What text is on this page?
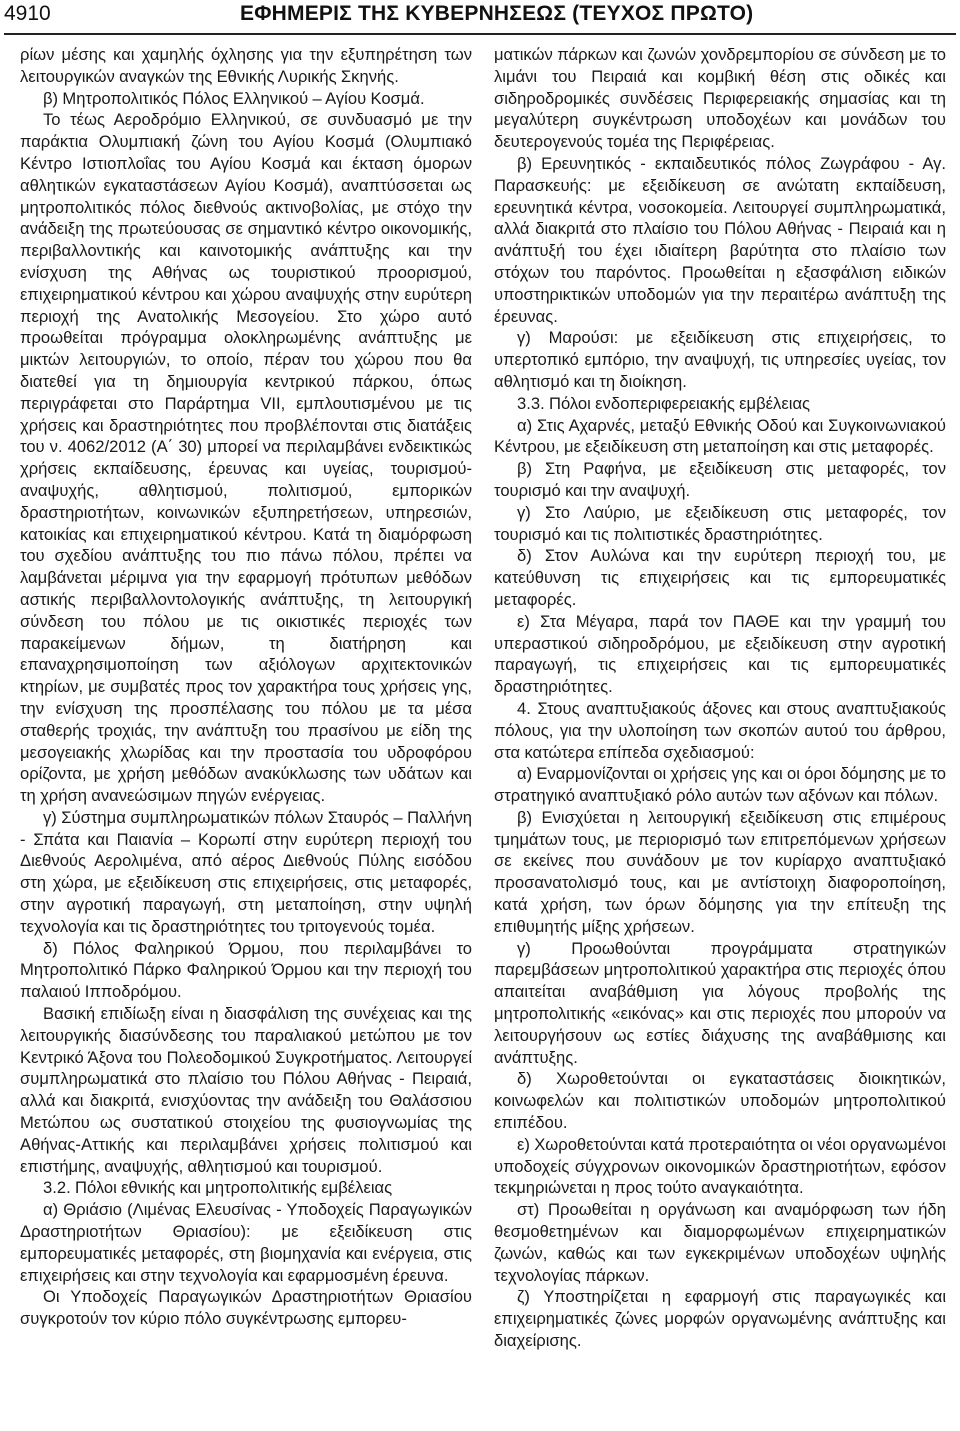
4910	ΕΦΗΜΕΡΙΣ ΤΗΣ ΚΥΒΕΡΝΗΣΕΩΣ (ΤΕΥΧΟΣ ΠΡΩΤΟ)

ρίων μέσης και χαμηλής όχλησης για την εξυπηρέτηση των λειτουργικών αναγκών της Εθνικής Λυρικής Σκηνής.

β) Μητροπολιτικός Πόλος Ελληνικού – Αγίου Κοσμά.

Το τέως Αεροδρόμιο Ελληνικού, σε συνδυασμό με την παράκτια Ολυμπιακή ζώνη του Αγίου Κοσμά (Ολυμπιακό Κέντρο Ιστιοπλοΐας του Αγίου Κοσμά και έκταση όμορων αθλητικών εγκαταστάσεων Αγίου Κοσμά), αναπτύσσεται ως μητροπολιτικός πόλος διεθνούς ακτινοβολίας, με στόχο την ανάδειξη της πρωτεύουσας σε σημαντικό κέντρο οικονομικής, περιβαλλοντικής και καινοτομικής ανάπτυξης και την ενίσχυση της Αθήνας ως τουριστικού προορισμού, επιχειρηματικού κέντρου και χώρου αναψυχής στην ευρύτερη περιοχή της Ανατολικής Μεσογείου. Στο χώρο αυτό προωθείται πρόγραμμα ολοκληρωμένης ανάπτυξης με μικτών λειτουργιών, το οποίο, πέραν του χώρου που θα διατεθεί για τη δημιουργία κεντρικού πάρκου, όπως περιγράφεται στο Παράρτημα VII, εμπλουτισμένου με τις χρήσεις και δραστηριότητες που προβλέπονται στις διατάξεις του ν. 4062/2012 (Α΄ 30) μπορεί να περιλαμβάνει ενδεικτικώς χρήσεις εκπαίδευσης, έρευνας και υγείας, τουρισμού-αναψυχής, αθλητισμού, πολιτισμού, εμπορικών δραστηριοτήτων, κοινωνικών εξυπηρετήσεων, υπηρεσιών, κατοικίας και επιχειρηματικού κέντρου. Κατά τη διαμόρφωση του σχεδίου ανάπτυξης του πιο πάνω πόλου, πρέπει να λαμβάνεται μέριμνα για την εφαρμογή πρότυπων μεθόδων αστικής περιβαλλοντολογικής ανάπτυξης, τη λειτουργική σύνδεση του πόλου με τις οικιστικές περιοχές των παρακείμενων δήμων, τη διατήρηση και επαναχρησιμοποίηση των αξιόλογων αρχιτεκτονικών κτηρίων, με συμβατές προς τον χαρακτήρα τους χρήσεις γης, την ενίσχυση της προσπέλασης του πόλου με τα μέσα σταθερής τροχιάς, την ανάπτυξη του πρασίνου με είδη της μεσογειακής χλωρίδας και την προστασία του υδροφόρου ορίζοντα, με χρήση μεθόδων ανακύκλωσης των υδάτων και τη χρήση ανανεώσιμων πηγών ενέργειας.

γ) Σύστημα συμπληρωματικών πόλων Σταυρός – Παλλήνη - Σπάτα και Παιανία – Κορωπί στην ευρύτερη περιοχή του Διεθνούς Αερολιμένα, από αέρος Διεθνούς Πύλης εισόδου στη χώρα, με εξειδίκευση στις επιχειρήσεις, στις μεταφορές, στην αγροτική παραγωγή, στη μεταποίηση, στην υψηλή τεχνολογία και τις δραστηριότητες του τριτογενούς τομέα.

δ) Πόλος Φαληρικού Όρμου, που περιλαμβάνει το Μητροπολιτικό Πάρκο Φαληρικού Όρμου και την περιοχή του παλαιού Ιπποδρόμου.

Βασική επιδίωξη είναι η διασφάλιση της συνέχειας και της λειτουργικής διασύνδεσης του παραλιακού μετώπου με τον Κεντρικό Άξονα του Πολεοδομικού Συγκροτήματος. Λειτουργεί συμπληρωματικά στο πλαίσιο του Πόλου Αθήνας - Πειραιά, αλλά και διακριτά, ενισχύοντας την ανάδειξη του Θαλάσσιου Μετώπου ως συστατικού στοιχείου της φυσιογνωμίας της Αθήνας-Αττικής και περιλαμβάνει χρήσεις πολιτισμού και επιστήμης, αναψυχής, αθλητισμού και τουρισμού.

3.2. Πόλοι εθνικής και μητροπολιτικής εμβέλειας

α) Θριάσιο (Λιμένας Ελευσίνας - Υποδοχείς Παραγωγικών Δραστηριοτήτων Θριασίου): με εξειδίκευση στις εμπορευματικές μεταφορές, στη βιομηχανία και ενέργεια, στις επιχειρήσεις και στην τεχνολογία και εφαρμοσμένη έρευνα.

Οι Υποδοχείς Παραγωγικών Δραστηριοτήτων Θριασίου συγκροτούν τον κύριο πόλο συγκέντρωσης εμπορευ-

ματικών πάρκων και ζωνών χονδρεμπορίου σε σύνδεση με το λιμάνι του Πειραιά και κομβική θέση στις οδικές και σιδηροδρομικές συνδέσεις Περιφερειακής σημασίας και τη μεγαλύτερη συγκέντρωση υποδοχέων και μονάδων του δευτερογενούς τομέα της Περιφέρειας.

β) Ερευνητικός - εκπαιδευτικός πόλος Ζωγράφου - Αγ. Παρασκευής: με εξειδίκευση σε ανώτατη εκπαίδευση, ερευνητικά κέντρα, νοσοκομεία. Λειτουργεί συμπληρωματικά, αλλά διακριτά στο πλαίσιο του Πόλου Αθήνας - Πειραιά και η ανάπτυξή του έχει ιδιαίτερη βαρύτητα στο πλαίσιο των στόχων του παρόντος. Προωθείται η εξασφάλιση ειδικών υποστηρικτικών υποδομών για την περαιτέρω ανάπτυξη της έρευνας.

γ) Μαρούσι: με εξειδίκευση στις επιχειρήσεις, το υπερτοπικό εμπόριο, την αναψυχή, τις υπηρεσίες υγείας, τον αθλητισμό και τη διοίκηση.

3.3. Πόλοι ενδοπεριφερειακής εμβέλειας

α) Στις Αχαρνές, μεταξύ Εθνικής Οδού και Συγκοινωνιακού Κέντρου, με εξειδίκευση στη μεταποίηση και στις μεταφορές.

β) Στη Ραφήνα, με εξειδίκευση στις μεταφορές, τον τουρισμό και την αναψυχή.

γ) Στο Λαύριο, με εξειδίκευση στις μεταφορές, τον τουρισμό και τις πολιτιστικές δραστηριότητες.

δ) Στον Αυλώνα και την ευρύτερη περιοχή του, με κατεύθυνση τις επιχειρήσεις και τις εμπορευματικές μεταφορές.

ε) Στα Μέγαρα, παρά τον ΠΑΘΕ και την γραμμή του υπεραστικού σιδηροδρόμου, με εξειδίκευση στην αγροτική παραγωγή, τις επιχειρήσεις και τις εμπορευματικές δραστηριότητες.

4. Στους αναπτυξιακούς άξονες και στους αναπτυξιακούς πόλους, για την υλοποίηση των σκοπών αυτού του άρθρου, στα κατώτερα επίπεδα σχεδιασμού:

α) Εναρμονίζονται οι χρήσεις γης και οι όροι δόμησης με το στρατηγικό αναπτυξιακό ρόλο αυτών των αξόνων και πόλων.

β) Ενισχύεται η λειτουργική εξειδίκευση στις επιμέρους τμημάτων τους, με περιορισμό των επιτρεπόμενων χρήσεων σε εκείνες που συνάδουν με τον κυρίαρχο αναπτυξιακό προσανατολισμό τους, και με αντίστοιχη διαφοροποίηση, κατά χρήση, των όρων δόμησης για την επίτευξη της επιθυμητής μίξης χρήσεων.

γ) Προωθούνται προγράμματα στρατηγικών παρεμβάσεων μητροπολιτικού χαρακτήρα στις περιοχές όπου απαιτείται αναβάθμιση για λόγους προβολής της μητροπολιτικής «εικόνας» και στις περιοχές που μπορούν να λειτουργήσουν ως εστίες διάχυσης της αναβάθμισης και ανάπτυξης.

δ) Χωροθετούνται οι εγκαταστάσεις διοικητικών, κοινωφελών και πολιτιστικών υποδομών μητροπολιτικού επιπέδου.

ε) Χωροθετούνται κατά προτεραιότητα οι νέοι οργανωμένοι υποδοχείς σύγχρονων οικονομικών δραστηριοτήτων, εφόσον τεκμηριώνεται η προς τούτο αναγκαιότητα.

στ) Προωθείται η οργάνωση και αναμόρφωση των ήδη θεσμοθετημένων και διαμορφωμένων επιχειρηματικών ζωνών, καθώς και των εγκεκριμένων υποδοχέων υψηλής τεχνολογίας πάρκων.

ζ) Υποστηρίζεται η εφαρμογή στις παραγωγικές και επιχειρηματικές ζώνες μορφών οργανωμένης ανάπτυξης και διαχείρισης.
